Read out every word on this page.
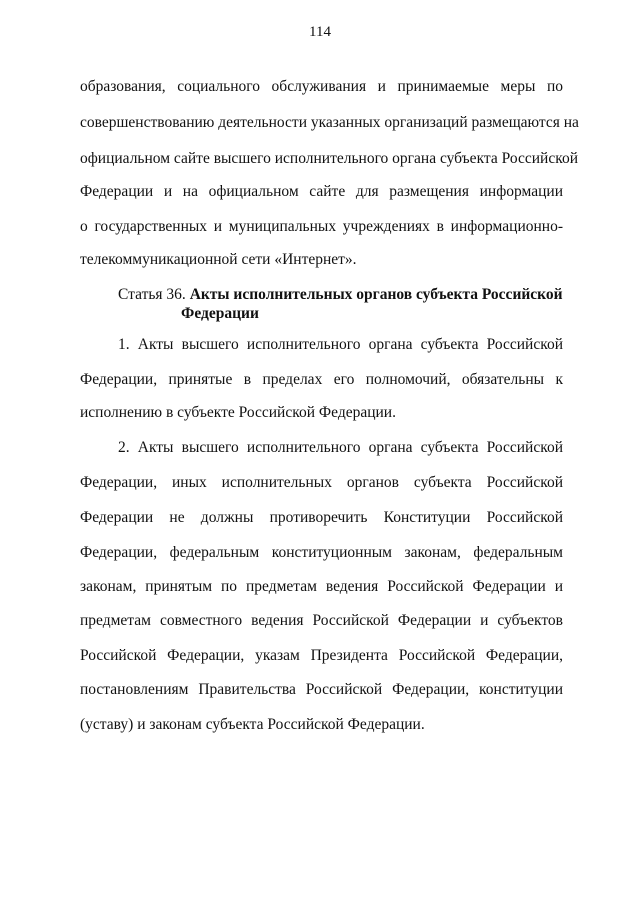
114
образования, социального обслуживания и принимаемые меры по
совершенствованию деятельности указанных организаций размещаются на
официальном сайте высшего исполнительного органа субъекта Российской
Федерации и на официальном сайте для размещения информации
о государственных и муниципальных учреждениях в информационно-
телекоммуникационной сети «Интернет».
Статья 36. Акты исполнительных органов субъекта Российской
Федерации
1. Акты высшего исполнительного органа субъекта Российской
Федерации, принятые в пределах его полномочий, обязательны к
исполнению в субъекте Российской Федерации.
2. Акты высшего исполнительного органа субъекта Российской
Федерации, иных исполнительных органов субъекта Российской
Федерации не должны противоречить Конституции Российской
Федерации, федеральным конституционным законам, федеральным
законам, принятым по предметам ведения Российской Федерации и
предметам совместного ведения Российской Федерации и субъектов
Российской Федерации, указам Президента Российской Федерации,
постановлениям Правительства Российской Федерации, конституции
(уставу) и законам субъекта Российской Федерации.
